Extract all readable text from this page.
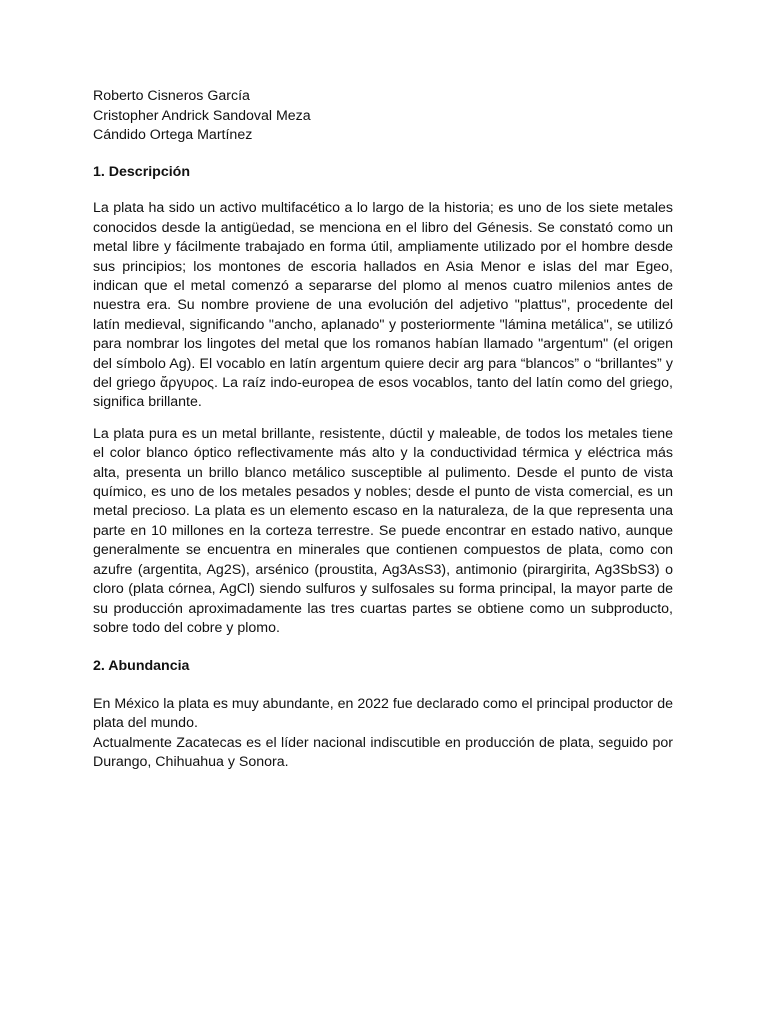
Roberto Cisneros García

Cristopher Andrick Sandoval Meza

Cándido Ortega Martínez

1. Descripción

La plata ha sido un activo multifacético a lo largo de la historia; es uno de los siete metales conocidos desde la antigüedad, se menciona en el libro del Génesis. Se constató como un metal libre y fácilmente trabajado en forma útil, ampliamente utilizado por el hombre desde sus principios; los montones de escoria hallados en Asia Menor e islas del mar Egeo, indican que el metal comenzó a separarse del plomo al menos cuatro milenios antes de nuestra era. Su nombre proviene de una evolución del adjetivo "plattus", procedente del latín medieval, significando "ancho, aplanado" y posteriormente "lámina metálica", se utilizó para nombrar los lingotes del metal que los romanos habían llamado "argentum" (el origen del símbolo Ag). El vocablo en latín argentum quiere decir arg para “blancos” o “brillantes” y del griego ἄργυρος. La raíz indo-europea de esos vocablos, tanto del latín como del griego, significa brillante.

La plata pura es un metal brillante, resistente, dúctil y maleable, de todos los metales tiene el color blanco óptico reflectivamente más alto y la conductividad térmica y eléctrica más alta, presenta un brillo blanco metálico susceptible al pulimento. Desde el punto de vista químico, es uno de los metales pesados y nobles; desde el punto de vista comercial, es un metal precioso. La plata es un elemento escaso en la naturaleza, de la que representa una parte en 10 millones en la corteza terrestre. Se puede encontrar en estado nativo, aunque generalmente se encuentra en minerales que contienen compuestos de plata, como con azufre (argentita, Ag2S), arsénico (proustita, Ag3AsS3), antimonio (pirargirita, Ag3SbS3) o cloro (plata córnea, AgCl) siendo sulfuros y sulfosales su forma principal, la mayor parte de su producción aproximadamente las tres cuartas partes se obtiene como un subproducto, sobre todo del cobre y plomo.

2. Abundancia

En México la plata es muy abundante, en 2022 fue declarado como el principal productor de plata del mundo.

Actualmente Zacatecas es el líder nacional indiscutible en producción de plata, seguido por Durango, Chihuahua y Sonora.
